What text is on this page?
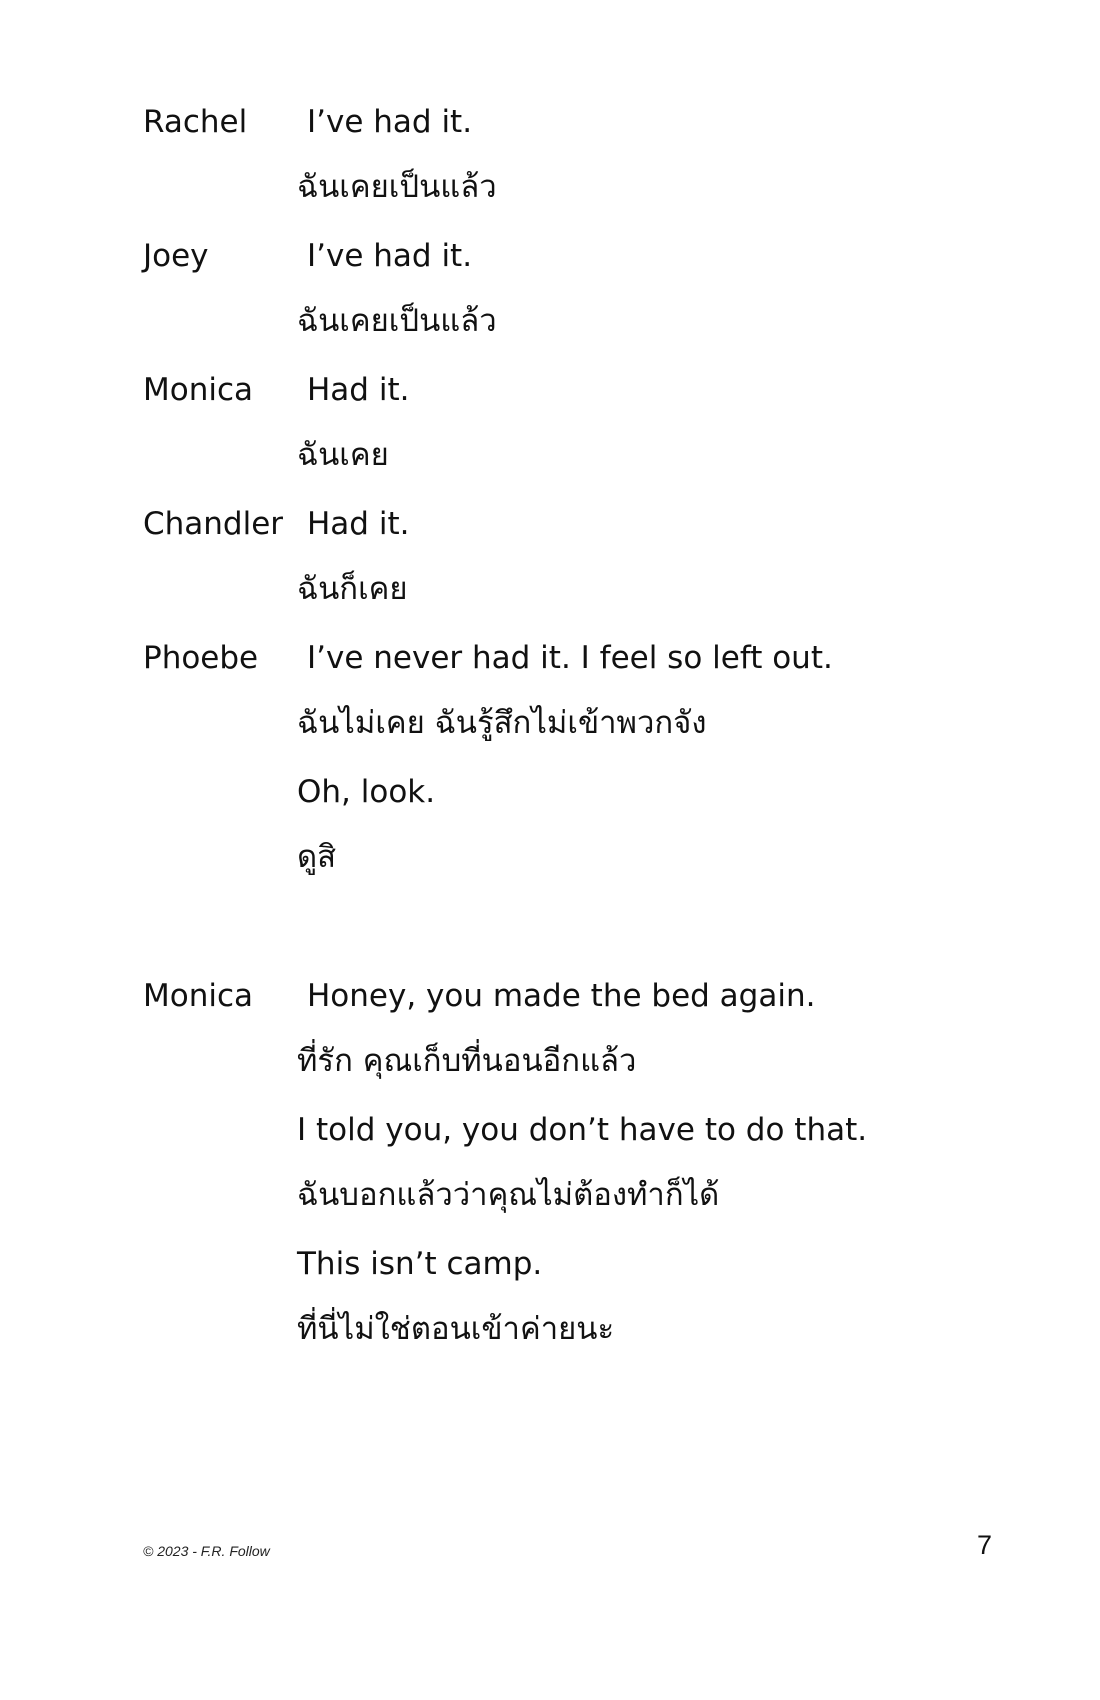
Rachel I’ve had it.
ฉันเคยเป็นแล้ว
Joey	I’ve had it.
ฉันเคยเป็นแล้ว
Monica Had it.
ฉันเคย
Chandler Had it.
ฉันก็เคย
Phoebe I’ve never had it. I feel so left out.
ฉันไม่เคย ฉันรู้สึกไม่เข้าพวกจัง
Oh, look.
ดูสิ
Monica Honey, you made the bed again.
ที่รัก คุณเก็บที่นอนอีกแล้ว
I told you, you don’t have to do that.
ฉันบอกแล้วว่าคุณไม่ต้องทำก็ได้
This isn’t camp.
ที่นี่ไม่ใช่ตอนเข้าค่ายนะ
© 2023 - F.R. Follow	7
